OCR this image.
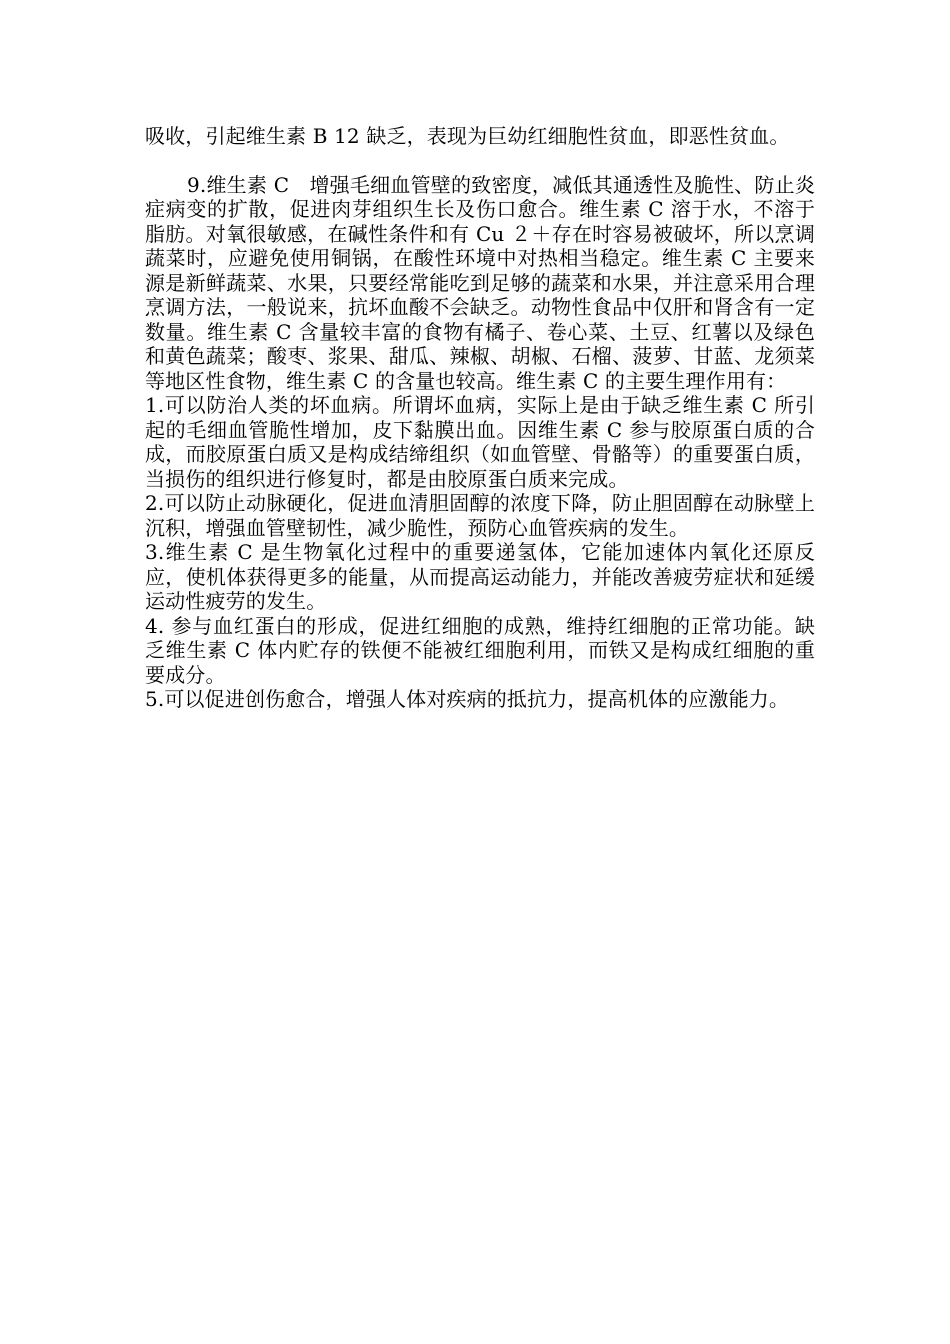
吸收，引起维生素 B 12 缺乏，表现为巨幼红细胞性贫血，即恶性贫血。

9.维生素 C　增强毛细血管壁的致密度，减低其通透性及脆性、防止炎症病变的扩散，促进肉芽组织生长及伤口愈合。维生素 C 溶于水，不溶于脂肪。对氧很敏感，在碱性条件和有 Cu ２＋存在时容易被破坏，所以烹调蔬菜时，应避免使用铜锅，在酸性环境中对热相当稳定。维生素 C 主要来源是新鲜蔬菜、水果，只要经常能吃到足够的蔬菜和水果，并注意采用合理烹调方法，一般说来，抗坏血酸不会缺乏。动物性食品中仅肝和肾含有一定数量。维生素 C 含量较丰富的食物有橘子、卷心菜、土豆、红薯以及绿色和黄色蔬菜；酸枣、浆果、甜瓜、辣椒、胡椒、石榴、菠萝、甘蓝、龙须菜等地区性食物，维生素 C 的含量也较高。维生素 C 的主要生理作用有：

1.可以防治人类的坏血病。所谓坏血病，实际上是由于缺乏维生素 C 所引起的毛细血管脆性增加，皮下黏膜出血。因维生素 C 参与胶原蛋白质的合成，而胶原蛋白质又是构成结缔组织（如血管壁、骨骼等）的重要蛋白质，当损伤的组织进行修复时，都是由胶原蛋白质来完成。

2.可以防止动脉硬化，促进血清胆固醇的浓度下降，防止胆固醇在动脉壁上沉积，增强血管壁韧性，减少脆性，预防心血管疾病的发生。

3.维生素 C 是生物氧化过程中的重要递氢体，它能加速体内氧化还原反应，使机体获得更多的能量，从而提高运动能力，并能改善疲劳症状和延缓运动性疲劳的发生。

4. 参与血红蛋白的形成，促进红细胞的成熟，维持红细胞的正常功能。缺乏维生素 C 体内贮存的铁便不能被红细胞利用，而铁又是构成红细胞的重要成分。

5.可以促进创伤愈合，增强人体对疾病的抵抗力，提高机体的应激能力。
